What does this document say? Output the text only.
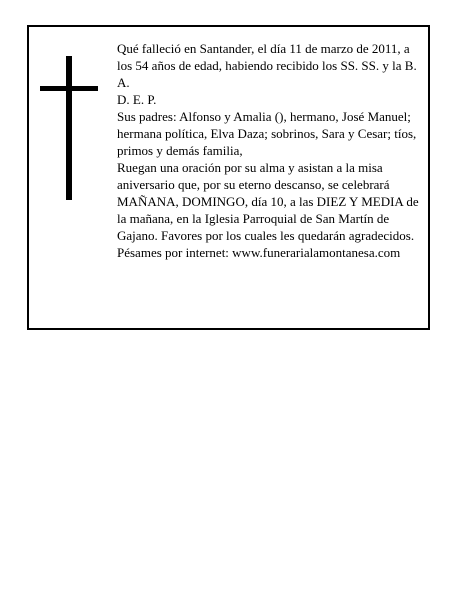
Qué falleció en Santander, el día 11 de marzo de 2011, a los 54 años de edad, habiendo recibido los SS. SS. y la B. A.

D. E. P.

Sus padres: Alfonso y Amalia (), hermano, José Manuel; hermana política, Elva Daza; sobrinos, Sara y Cesar; tíos, primos y demás familia,

Ruegan una oración por su alma y asistan a la misa aniversario que, por su eterno descanso, se celebrará MAÑANA, DOMINGO, día 10, a las DIEZ Y MEDIA de la mañana, en la Iglesia Parroquial de San Martín de Gajano. Favores por los cuales les quedarán agradecidos.

Pésames por internet: www.funerarialamontanesa.com
